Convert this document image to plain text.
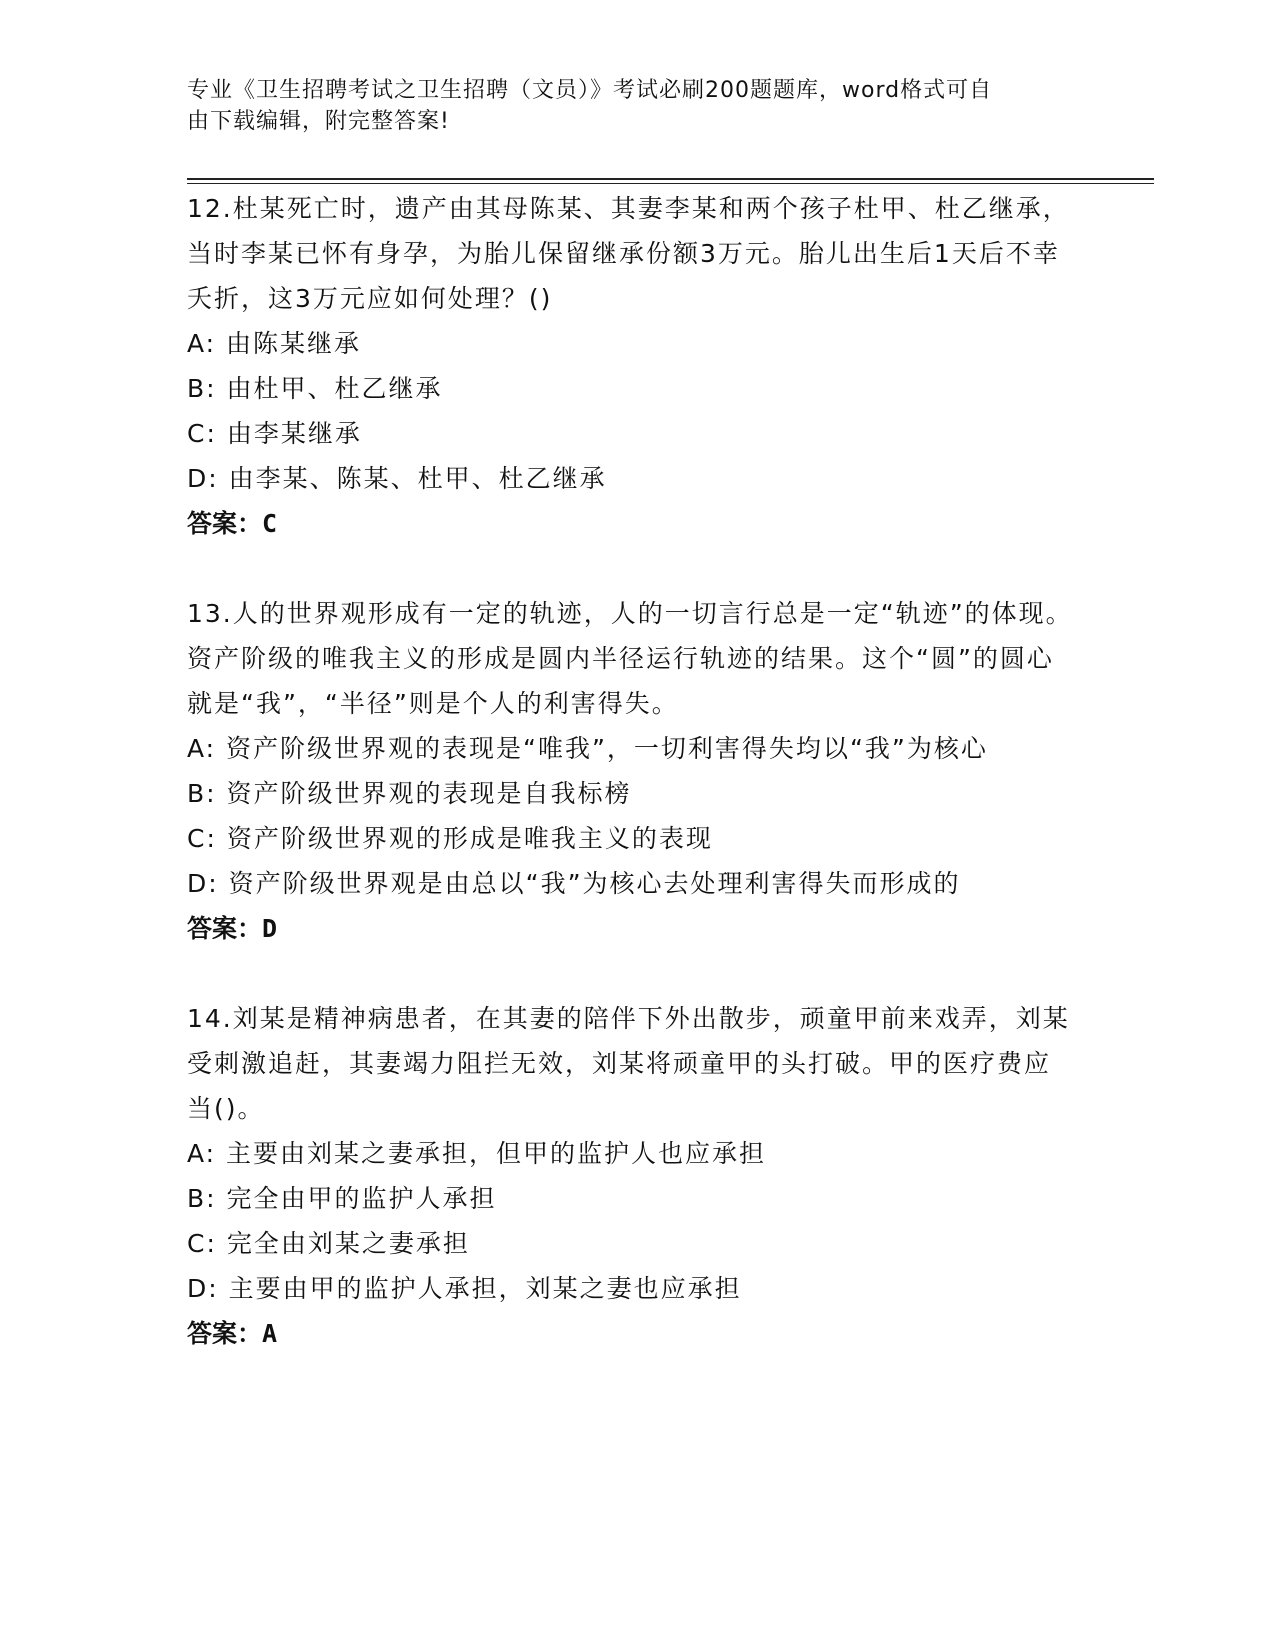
专业《卫生招聘考试之卫生招聘（文员）》考试必刷200题题库，word格式可自
由下载编辑，附完整答案!

12.杜某死亡时，遗产由其母陈某、其妻李某和两个孩子杜甲、杜乙继承，当时李某已怀有身孕，为胎儿保留继承份额3万元。胎儿出生后1天后不幸夭折，这3万元应如何处理？()

A: 由陈某继承

B: 由杜甲、杜乙继承

C: 由李某继承

D: 由李某、陈某、杜甲、杜乙继承

答案：C

13.人的世界观形成有一定的轨迹，人的一切言行总是一定“轨迹”的体现。资产阶级的唯我主义的形成是圆内半径运行轨迹的结果。这个“圆”的圆心就是“我”，“半径”则是个人的利害得失。

A: 资产阶级世界观的表现是“唯我”，一切利害得失均以“我”为核心

B: 资产阶级世界观的表现是自我标榜

C: 资产阶级世界观的形成是唯我主义的表现

D: 资产阶级世界观是由总以“我”为核心去处理利害得失而形成的

答案：D

14.刘某是精神病患者，在其妻的陪伴下外出散步，顽童甲前来戏弄，刘某受刺激追赶，其妻竭力阻拦无效，刘某将顽童甲的头打破。甲的医疗费应当()。

A: 主要由刘某之妻承担，但甲的监护人也应承担

B: 完全由甲的监护人承担

C: 完全由刘某之妻承担

D: 主要由甲的监护人承担，刘某之妻也应承担

答案：A
